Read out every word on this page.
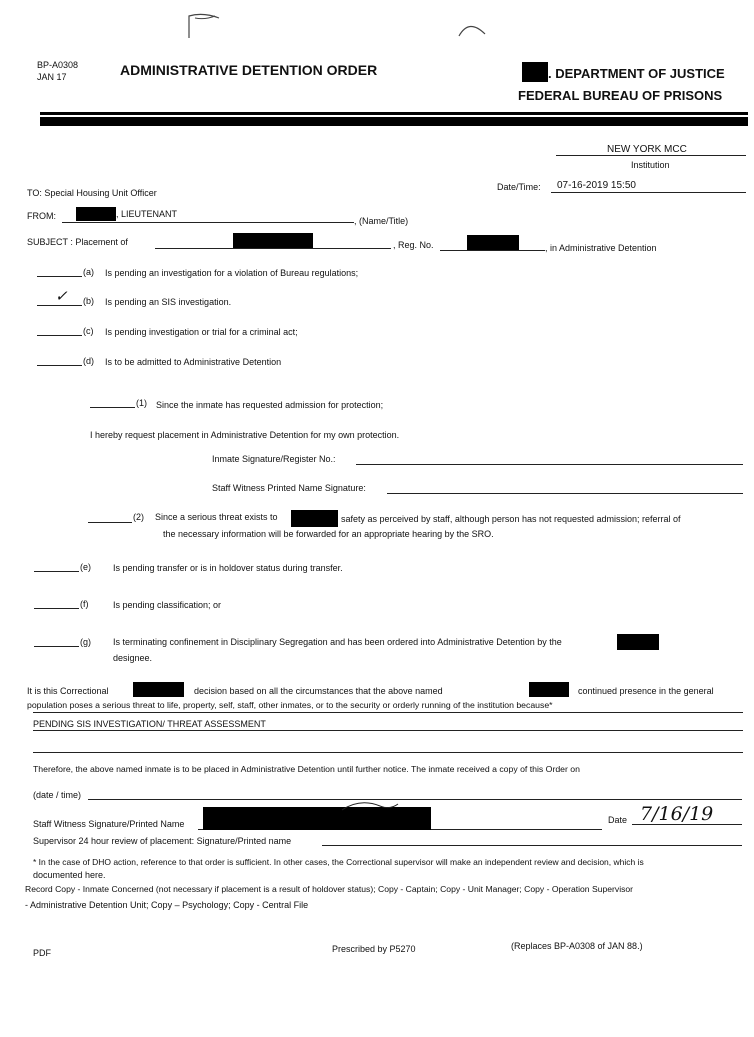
BP-A0308
JAN 17	ADMINISTRATIVE DETENTION ORDER	. DEPARTMENT OF JUSTICE
FEDERAL BUREAU OF PRISONS
NEW YORK MCC
Institution
TO: Special Housing Unit Officer
Date/Time: 07-16-2019 15:50
FROM:	, LIEUTENANT
, (Name/Title)
SUBJECT : Placement of	, Reg. No.	, in Administrative Detention
(a) Is pending an investigation for a violation of Bureau regulations;
✓ (b) Is pending an SIS investigation.
(c) Is pending investigation or trial for a criminal act;
(d) Is to be admitted to Administrative Detention
(1) Since the inmate has requested admission for protection;
I hereby request placement in Administrative Detention for my own protection.
Inmate Signature/Register No.:
Staff Witness Printed Name Signature:
(2) Since a serious threat exists to	safety as perceived by staff, although person has not requested admission; referral of
the necessary information will be forwarded for an appropriate hearing by the SRO.
(e) Is pending transfer or is in holdover status during transfer.
(f)	Is pending classification; or
(g) Is terminating confinement in Disciplinary Segregation and has been ordered into Administrative Detention by the
designee.
It is this Correctional	decision based on all the circumstances that the above named	continued presence in the general
population poses a serious threat to life, property, self, staff, other inmates, or to the security or orderly running of the institution because*
PENDING SIS INVESTIGATION/ THREAT ASSESSMENT
Therefore, the above named inmate is to be placed in Administrative Detention until further notice. The inmate received a copy of this Order on
(date / time)
Staff Witness Signature/Printed Name	Date 7/16/19
Supervisor 24 hour review of placement: Signature/Printed name
* In the case of DHO action, reference to that order is sufficient. In other cases, the Correctional supervisor will make an independent review and decision, which is
documented here.
Record Copy - Inmate Concerned (not necessary if placement is a result of holdover status); Copy - Captain; Copy - Unit Manager; Copy - Operation Supervisor
- Administrative Detention Unit; Copy – Psychology; Copy - Central File
PDF	Prescribed by P5270	(Replaces BP-A0308 of JAN 88.)
